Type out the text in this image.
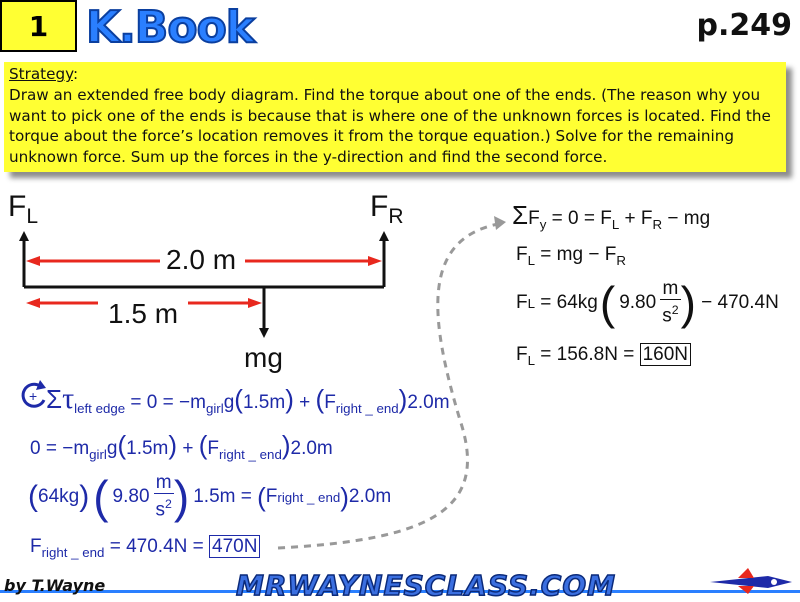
1 K.Book	p.249
Strategy:
Draw an extended free body diagram. Find the torque about one of the ends. (The reason why you want to pick one of the ends is because that is where one of the unknown forces is located. Find the torque about the force’s location removes it from the torque equation.) Solve for the remaining unknown force. Sum up the forces in the y-direction and find the second force.
$F_L$	$F_R$
2.0 m
1.5 m
mg
+ $\Sigma\tau_{left edge} = 0 = -m_{girl}g(1.5m) + (F_{right \_ end})2.0m$
$0 = -m_{girl}g(1.5m) + (F_{right \_ end})2.0m$
( 64kg ) ( 9.80
m
$s^2$ ) 1.5m = ( F right _ end ) 2.0m
$F_{right \_ end} = 470.4N = 470N$
$\Sigma F_y = 0 = F_L + F_R$ − mg
$F_L$ = mg − $F_R$
F L = 64kg ( 9.80
m
$s^2$ ) − 470.4N
$F_L = 156.8N = 160N$
by T.Wayne	MRWAYNESCLASS.COM
